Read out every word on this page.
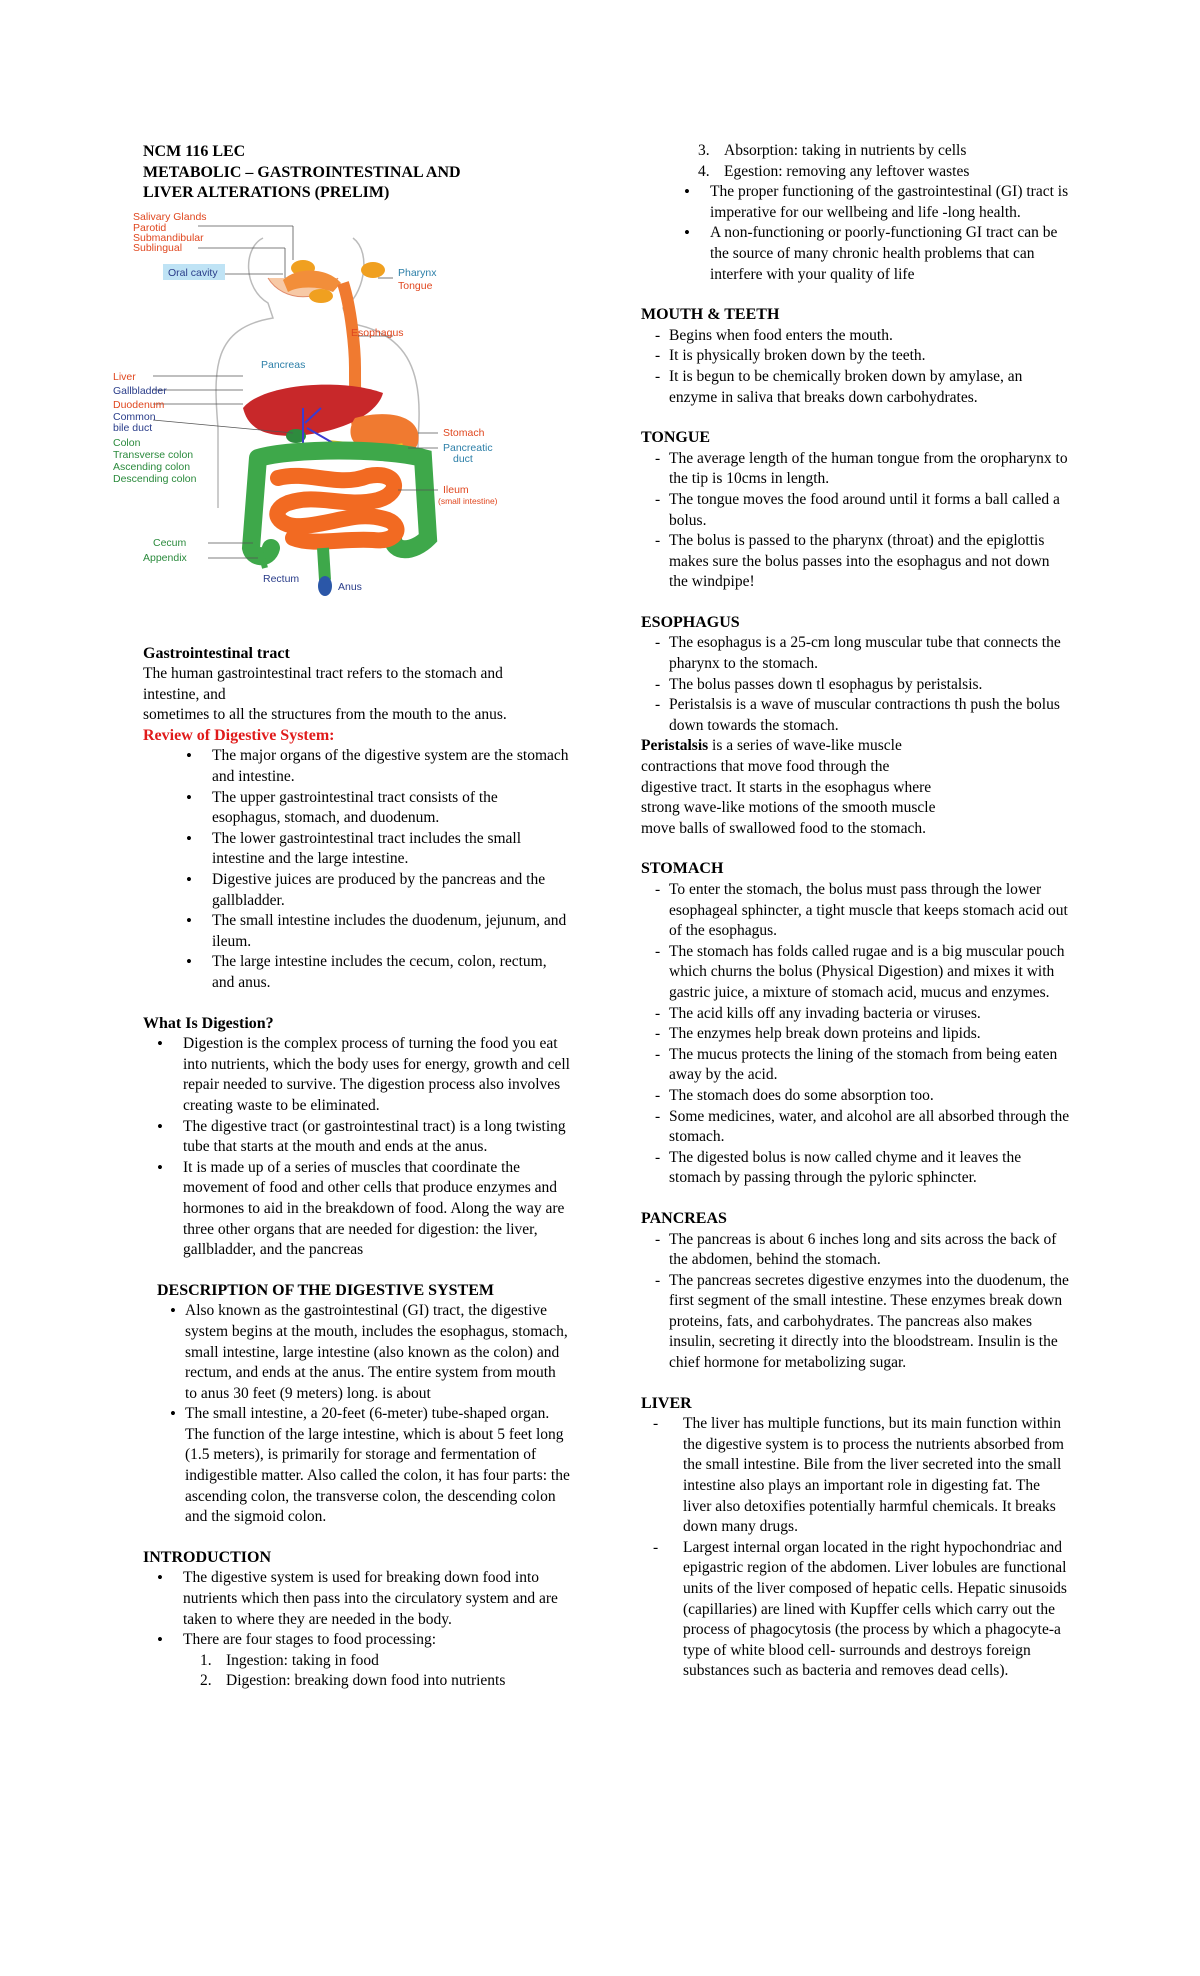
NCM 116 LEC
METABOLIC – GASTROINTESTINAL AND
LIVER ALTERATIONS (PRELIM)
Salivary Glands
Parotid
Submandibular
Sublingual
Oral cavity	Pharynx
Tongue
Esophagus
Pancreas
Liver
Gallbladder
Duodenum
Common
bile duct	Stomach
Pancreatic
duct
Colon
Transverse colon
Ascending colon
Descending colon
Ileum
(small intestine)
Cecum
Appendix
Rectum
Anus
Gastrointestinal tract

The human gastrointestinal tract refers to the stomach and

intestine, and

sometimes to all the structures from the mouth to the anus.

Review of Digestive System:
• The major organs of the digestive system are the stomach and intestine.
• The upper gastrointestinal tract consists of the esophagus, stomach, and duodenum.
• The lower gastrointestinal tract includes the small intestine and the large intestine.
• Digestive juices are produced by the pancreas and the gallbladder.
• The small intestine includes the duodenum, jejunum, and ileum.
• The large intestine includes the cecum, colon, rectum, and anus.
What Is Digestion?
• Digestion is the complex process of turning the food you eat into nutrients, which the body uses for energy, growth and cell repair needed to survive. The digestion process also involves creating waste to be eliminated.
• The digestive tract (or gastrointestinal tract) is a long twisting tube that starts at the mouth and ends at the anus.
• It is made up of a series of muscles that coordinate the movement of food and other cells that produce enzymes and hormones to aid in the breakdown of food. Along the way are three other organs that are needed for digestion: the liver, gallbladder, and the pancreas
DESCRIPTION OF THE DIGESTIVE SYSTEM
• Also known as the gastrointestinal (GI) tract, the digestive system begins at the mouth, includes the esophagus, stomach, small intestine, large intestine (also known as the colon) and rectum, and ends at the anus. The entire system from mouth to anus 30 feet (9 meters) long. is about
• The small intestine, a 20-feet (6-meter) tube-shaped organ. The function of the large intestine, which is about 5 feet long (1.5 meters), is primarily for storage and fermentation of indigestible matter. Also called the colon, it has four parts: the ascending colon, the transverse colon, the descending colon and the sigmoid colon.
INTRODUCTION
• The digestive system is used for breaking down food into nutrients which then pass into the circulatory system and are taken to where they are needed in the body.
• There are four stages to food processing:
1. Ingestion: taking in food
2. Digestion: breaking down food into nutrients
3. Absorption: taking in nutrients by cells
4. Egestion: removing any leftover wastes
• The proper functioning of the gastrointestinal (GI) tract is imperative for our wellbeing and life -long health.
• A non-functioning or poorly-functioning GI tract can be the source of many chronic health problems that can interfere with your quality of life
MOUTH & TEETH
- Begins when food enters the mouth.
- It is physically broken down by the teeth.
- It is begun to be chemically broken down by amylase, an enzyme in saliva that breaks down carbohydrates.
TONGUE
- The average length of the human tongue from the oropharynx to the tip is 10cms in length.
- The tongue moves the food around until it forms a ball called a bolus.
- The bolus is passed to the pharynx (throat) and the epiglottis makes sure the bolus passes into the esophagus and not down the windpipe!
ESOPHAGUS
- The esophagus is a 25-cm long muscular tube that connects the pharynx to the stomach.
- The bolus passes down tl esophagus by peristalsis.
- Peristalsis is a wave of muscular contractions th push the bolus down towards the stomach.
Peristalsis is a series of wave-like muscle
contractions that move food through the
digestive tract. It starts in the esophagus where
strong wave-like motions of the smooth muscle
move balls of swallowed food to the stomach.
STOMACH
- To enter the stomach, the bolus must pass through the lower esophageal sphincter, a tight muscle that keeps stomach acid out of the esophagus.
- The stomach has folds called rugae and is a big muscular pouch which churns the bolus (Physical Digestion) and mixes it with gastric juice, a mixture of stomach acid, mucus and enzymes.
- The acid kills off any invading bacteria or viruses.
- The enzymes help break down proteins and lipids.
- The mucus protects the lining of the stomach from being eaten away by the acid.
- The stomach does do some absorption too.
- Some medicines, water, and alcohol are all absorbed through the stomach.
- The digested bolus is now called chyme and it leaves the stomach by passing through the pyloric sphincter.
PANCREAS
- The pancreas is about 6 inches long and sits across the back of the abdomen, behind the stomach.
- The pancreas secretes digestive enzymes into the duodenum, the first segment of the small intestine. These enzymes break down proteins, fats, and carbohydrates. The pancreas also makes insulin, secreting it directly into the bloodstream. Insulin is the chief hormone for metabolizing sugar.
LIVER
- The liver has multiple functions, but its main function within the digestive system is to process the nutrients absorbed from the small intestine. Bile from the liver secreted into the small intestine also plays an important role in digesting fat. The liver also detoxifies potentially harmful chemicals. It breaks down many drugs.
- Largest internal organ located in the right hypochondriac and epigastric region of the abdomen. Liver lobules are functional units of the liver composed of hepatic cells. Hepatic sinusoids (capillaries) are lined with Kupffer cells which carry out the process of phagocytosis (the process by which a phagocyte-a type of white blood cell- surrounds and destroys foreign substances such as bacteria and removes dead cells).
